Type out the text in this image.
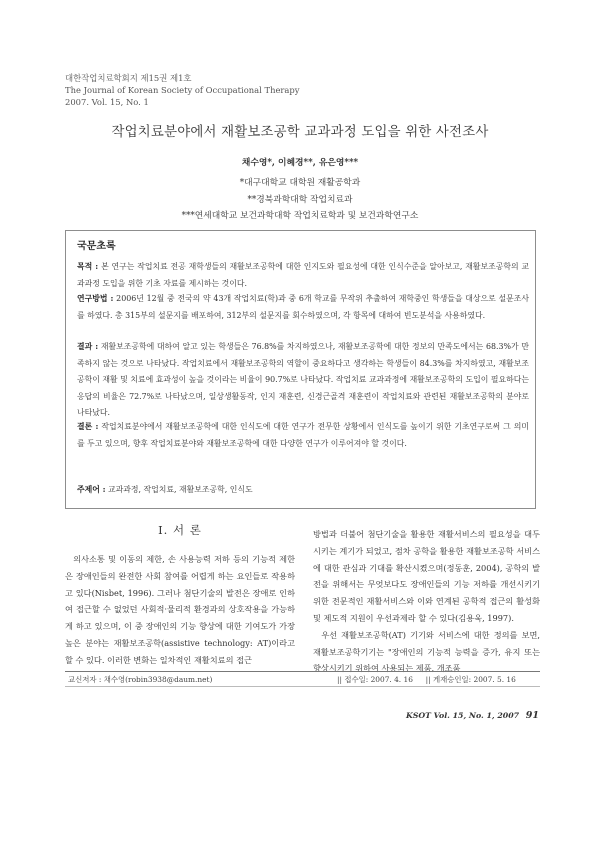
대한작업치료학회지 제15권 제1호
The Journal of Korean Society of Occupational Therapy
2007. Vol. 15, No. 1
작업치료분야에서 재활보조공학 교과과정 도입을 위한 사전조사
채수영*, 이혜경**, 유은영***
*대구대학교 대학원 재활공학과
**경북과학대학 작업치료과
***연세대학교 보건과학대학 작업치료학과 및 보건과학연구소
국문초록
목적 : 본 연구는 작업치료 전공 재학생들의 재활보조공학에 대한 인지도와 필요성에 대한 인식수준을 알아보고, 재활보조공학의 교과과정 도입을 위한 기초 자료를 제시하는 것이다.
연구방법 : 2006년 12월 중 전국의 약 43개 작업치료(학)과 중 6개 학교를 무작위 추출하여 재학중인 학생들을 대상으로 설문조사를 하였다. 총 315부의 설문지를 배포하여, 312부의 설문지를 회수하였으며, 각 항목에 대하여 빈도분석을 사용하였다.
결과 : 재활보조공학에 대하여 알고 있는 학생들은 76.8%를 차지하였으나, 재활보조공학에 대한 정보의 만족도에서는 68.3%가 만족하지 않는 것으로 나타났다. 작업치료에서 재활보조공학의 역할이 중요하다고 생각하는 학생들이 84.3%를 차지하였고, 재활보조공학이 재활 및 치료에 효과성이 높을 것이라는 비율이 90.7%로 나타났다. 작업치료 교과과정에 재활보조공학의 도입이 필요하다는 응답의 비율은 72.7%로 나타났으며, 일상생활동작, 인지 재훈련, 신경근골격 재훈련이 작업치료와 관련된 재활보조공학의 분야로 나타났다.
결론 : 작업치료분야에서 재활보조공학에 대한 인식도에 대한 연구가 전무한 상황에서 인식도를 높이기 위한 기초연구로써 그 의미를 두고 있으며, 향후 작업치료분야와 재활보조공학에 대한 다양한 연구가 이루어져야 할 것이다.
주제어 : 교과과정, 작업치료, 재활보조공학, 인식도
Ⅰ. 서 론

의사소통 및 이동의 제한, 손 사용능력 저하 등의 기능적 제한은 장애인들의 완전한 사회 참여를 어렵게 하는 요인들로 작용하고 있다(Nisbet, 1996). 그러나 첨단기술의 발전은 장애로 인하여 접근할 수 없었던 사회적·물리적 환경과의 상호작용을 가능하게 하고 있으며, 이 중 장애인의 기능 향상에 대한 기여도가 가장 높은 분야는 재활보조공학(assistive technology: AT)이라고 할 수 있다. 이러한 변화는 일차적인 재활치료의 접근

방법과 더불어 첨단기술을 활용한 재활서비스의 필요성을 대두시키는 계기가 되었고, 점차 공학을 활용한 재활보조공학 서비스에 대한 관심과 기대를 확산시켰으며(정동훈, 2004), 공학의 발전을 위해서는 무엇보다도 장애인들의 기능 저하를 개선시키기 위한 전문적인 재활서비스와 이와 연계된 공학적 접근의 활성화 및 제도적 지원이 우선과제라 할 수 있다(김용욱, 1997).

우선 재활보조공학(AT) 기기와 서비스에 대한 정의를 보면, 재활보조공학기기는 "장애인의 기능적 능력을 증가, 유지 또는 향상시키기 위하여 사용되는 제품, 개조품

교신저자 : 채수영(robin3938@daum.net)	|| 접수일: 2007. 4. 16 || 게재승인일: 2007. 5. 16
KSOT Vol. 15, No. 1, 2007 91
